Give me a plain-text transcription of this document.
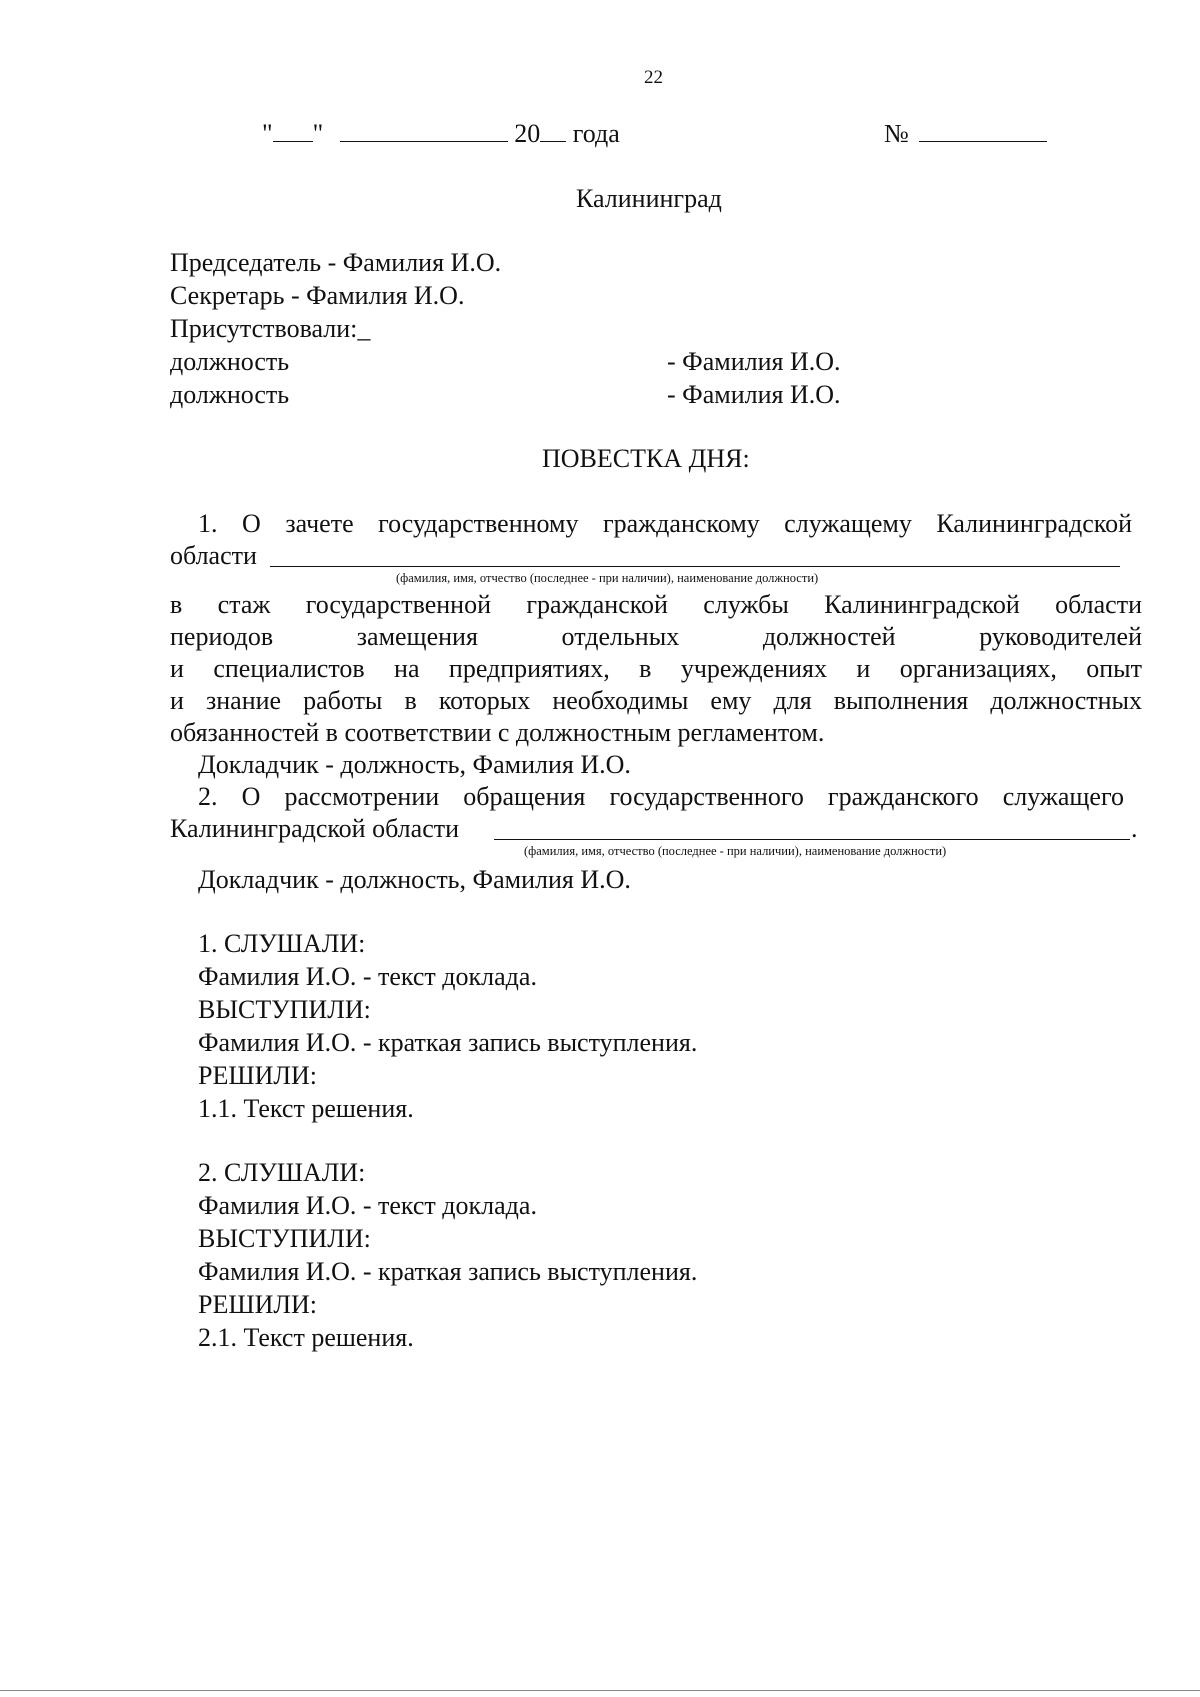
22
" "	20 года	№
Калининград
Председатель - Фамилия И.О.
Секретарь - Фамилия И.О.
Присутствовали:_
должность	- Фамилия И.О.
должность	- Фамилия И.О.
ПОВЕСТКА ДНЯ:
1. О зачете государственному гражданскому служащему Калининградской
области
(фамилия, имя, отчество (последнее - при наличии), наименование должности)
в стаж государственной гражданской службы Калининградской области
периодов замещения отдельных должностей руководителей
и специалистов на предприятиях, в учреждениях и организациях, опыт
и знание работы в которых необходимы ему для выполнения должностных
обязанностей в соответствии с должностным регламентом.
Докладчик - должность, Фамилия И.О.
2. О рассмотрении обращения государственного гражданского служащего
Калининградской области	.
(фамилия, имя, отчество (последнее - при наличии), наименование должности)
Докладчик - должность, Фамилия И.О.
1. СЛУШАЛИ:
Фамилия И.О. - текст доклада.
ВЫСТУПИЛИ:
Фамилия И.О. - краткая запись выступления.
РЕШИЛИ:
1.1. Текст решения.
2. СЛУШАЛИ:
Фамилия И.О. - текст доклада.
ВЫСТУПИЛИ:
Фамилия И.О. - краткая запись выступления.
РЕШИЛИ:
2.1. Текст решения.
